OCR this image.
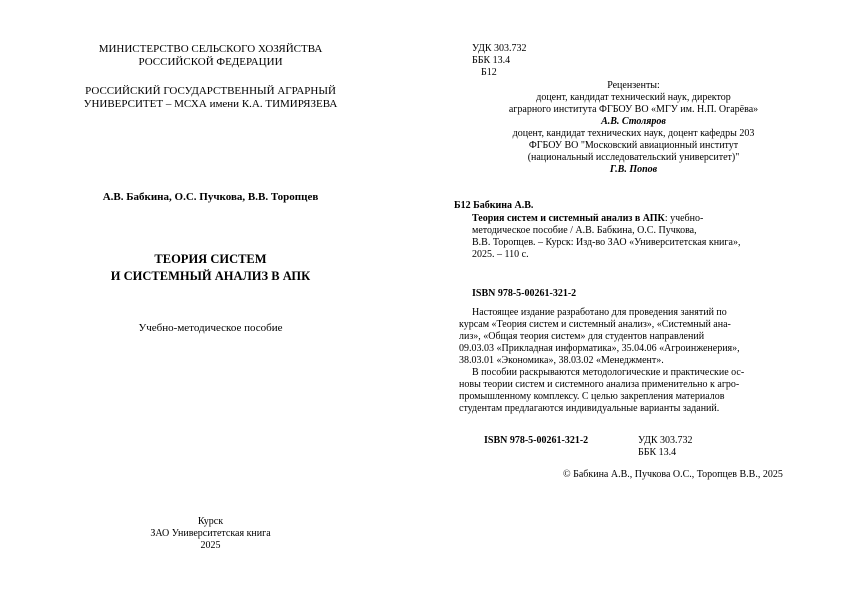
МИНИСТЕРСТВО СЕЛЬСКОГО ХОЗЯЙСТВА
РОССИЙСКОЙ ФЕДЕРАЦИИ
РОССИЙСКИЙ ГОСУДАРСТВЕННЫЙ АГРАРНЫЙ
УНИВЕРСИТЕТ – МСХА имени К.А. ТИМИРЯЗЕВА
А.В. Бабкина, О.С. Пучкова, В.В. Торопцев
ТЕОРИЯ СИСТЕМ
И СИСТЕМНЫЙ АНАЛИЗ В АПК
Учебно-методическое пособие
Курск
ЗАО Университетская книга
2025
УДК 303.732
ББК 13.4
Б12
Рецензенты:
доцент, кандидат технический наук, директор
аграрного института ФГБОУ ВО «МГУ им. Н.П. Огарёва»
А.В. Столяров
доцент, кандидат технических наук, доцент кафедры 203
ФГБОУ ВО "Московский авиационный институт
(национальный исследовательский университет)"
Г.В. Попов
Б12 Бабкина А.В.
Теория систем и системный анализ в АПК: учебно-
методическое пособие / А.В. Бабкина, О.С. Пучкова,
В.В. Торопцев. – Курск: Изд-во ЗАО «Университетская книга»,
2025. – 110 с.
ISBN 978-5-00261-321-2
Настоящее издание разработано для проведения занятий по
курсам «Теория систем и системный анализ», «Системный ана-
лиз», «Общая теория систем» для студентов направлений
09.03.03 «Прикладная информатика», 35.04.06 «Агроинженерия»,
38.03.01 «Экономика», 38.03.02 «Менеджмент».
В пособии раскрываются методологические и практические ос-
новы теории систем и системного анализа применительно к агро-
промышленному комплексу. С целью закрепления материалов
студентам предлагаются индивидуальные варианты заданий.
ISBN 978-5-00261-321-2	УДК 303.732
ББК 13.4
© Бабкина А.В., Пучкова О.С., Торопцев В.В., 2025
